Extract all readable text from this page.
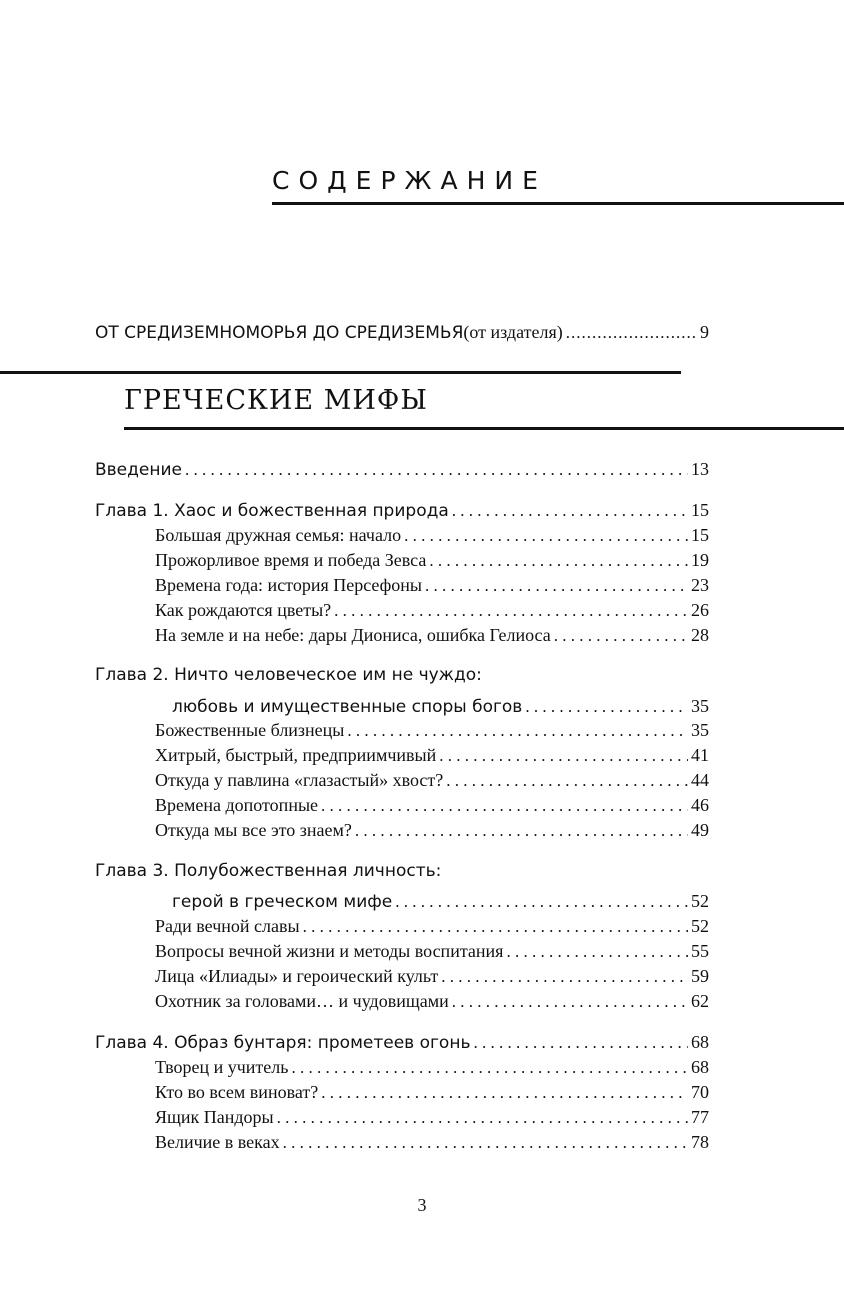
СОДЕРЖАНИЕ
ОТ СРЕДИЗЕМНОМОРЬЯ ДО СРЕДИЗЕМЬЯ (от издателя) .....	9
ГРЕЧЕСКИЕ МИФЫ
Введение . . .	13
Глава 1. Хаос и божественная природа . . .	15
Большая дружная семья: начало . . .	15
Прожорливое время и победа Зевса . . .	19
Времена года: история Персефоны . . .	23
Как рождаются цветы? . . .	26
На земле и на небе: дары Диониса, ошибка Гелиоса . . .	28
Глава 2. Ничто человеческое им не чуждо:
любовь и имущественные споры богов . . .	35
Божественные близнецы . . .	35
Хитрый, быстрый, предприимчивый . . .	41
Откуда у павлина «глазастый» хвост? . . .	44
Времена допотопные . . .	46
Откуда мы все это знаем? . . .	49
Глава 3. Полубожественная личность:
герой в греческом мифе . . .	52
Ради вечной славы . . .	52
Вопросы вечной жизни и методы воспитания . . .	55
Лица «Илиады» и героический культ . . .	59
Охотник за головами… и чудовищами . . .	62
Глава 4. Образ бунтаря: прометеев огонь . . .	68
Творец и учитель . . .	68
Кто во всем виноват? . . .	70
Ящик Пандоры . . .	77
Величие в веках . . .	78
3
